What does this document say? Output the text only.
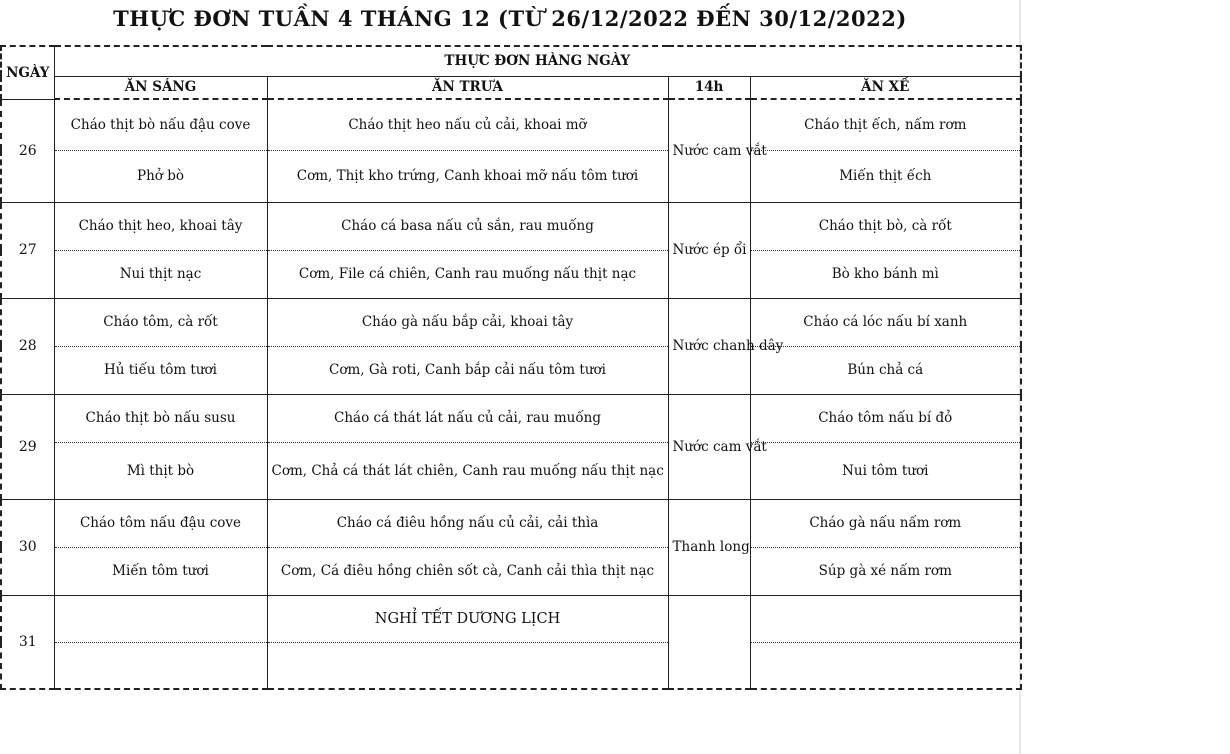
THỰC ĐƠN TUẦN 4 THÁNG 12 (TỪ 26/12/2022 ĐẾN 30/12/2022)
NGÀY	THỰC ĐƠN HÀNG NGÀY			
	ĂN SÁNG	ĂN TRƯA	14h	ĂN XẾ
26	Cháo thịt bò nấu đậu cove	Cháo thịt heo nấu củ cải, khoai mỡ	Nước cam vắt	Cháo thịt ếch, nấm rơm
	Phở bò	Cơm, Thịt kho trứng, Canh khoai mỡ nấu tôm tươi		Miến thịt ếch
27	Cháo thịt heo, khoai tây	Cháo cá basa nấu củ sắn, rau muống	Nước ép ổi	Cháo thịt bò, cà rốt
	Nui thịt nạc	Cơm, File cá chiên, Canh rau muống nấu thịt nạc		Bò kho bánh mì
28	Cháo tôm, cà rốt	Cháo gà nấu bắp cải, khoai tây	Nước chanh dây	Cháo cá lóc nấu bí xanh
	Hủ tiếu tôm tươi	Cơm, Gà roti, Canh bắp cải nấu tôm tươi		Bún chả cá
29	Cháo thịt bò nấu susu	Cháo cá thát lát nấu củ cải, rau muống	Nước cam vắt	Cháo tôm nấu bí đỏ
	Mì thịt bò	Cơm, Chả cá thát lát chiên, Canh rau muống nấu thịt nạc		Nui tôm tươi
30	Cháo tôm nấu đậu cove	Cháo cá điêu hồng nấu củ cải, cải thìa	Thanh long	Cháo gà nấu nấm rơm
	Miến tôm tươi	Cơm, Cá điêu hồng chiên sốt cà, Canh cải thìa thịt nạc		Súp gà xé nấm rơm
31		NGHỈ TẾT DƯƠNG LỊCH		
